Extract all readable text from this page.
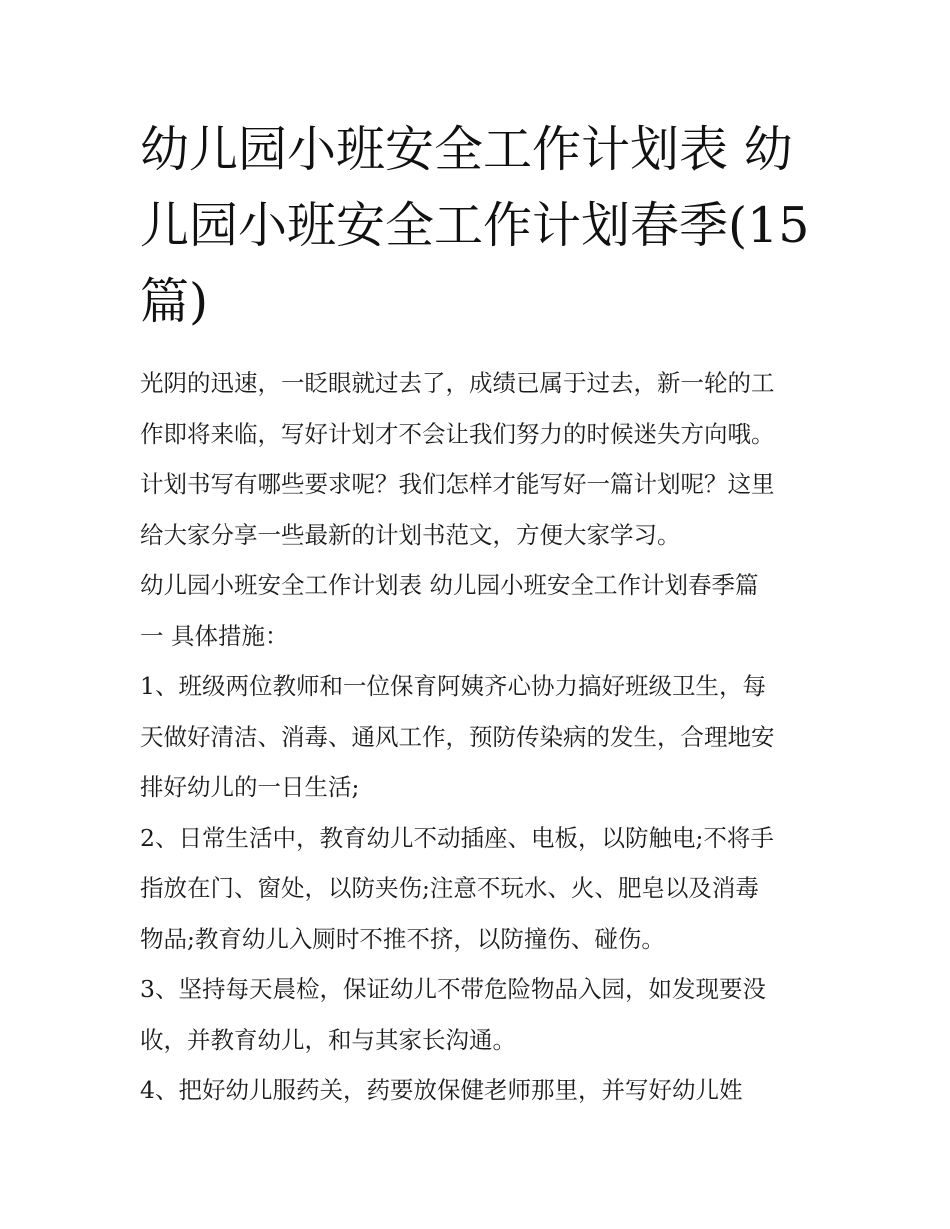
幼儿园小班安全工作计划表 幼
儿园小班安全工作计划春季(15
篇)

光阴的迅速，一眨眼就过去了，成绩已属于过去，新一轮的工
作即将来临，写好计划才不会让我们努力的时候迷失方向哦。
计划书写有哪些要求呢？我们怎样才能写好一篇计划呢？这里
给大家分享一些最新的计划书范文，方便大家学习。

幼儿园小班安全工作计划表 幼儿园小班安全工作计划春季篇
一 具体措施：

1、班级两位教师和一位保育阿姨齐心协力搞好班级卫生，每
天做好清洁、消毒、通风工作，预防传染病的发生，合理地安
排好幼儿的一日生活;

2、日常生活中，教育幼儿不动插座、电板，以防触电;不将手
指放在门、窗处，以防夹伤;注意不玩水、火、肥皂以及消毒
物品;教育幼儿入厕时不推不挤，以防撞伤、碰伤。

3、坚持每天晨检，保证幼儿不带危险物品入园，如发现要没
收，并教育幼儿，和与其家长沟通。

4、把好幼儿服药关，药要放保健老师那里，并写好幼儿姓
